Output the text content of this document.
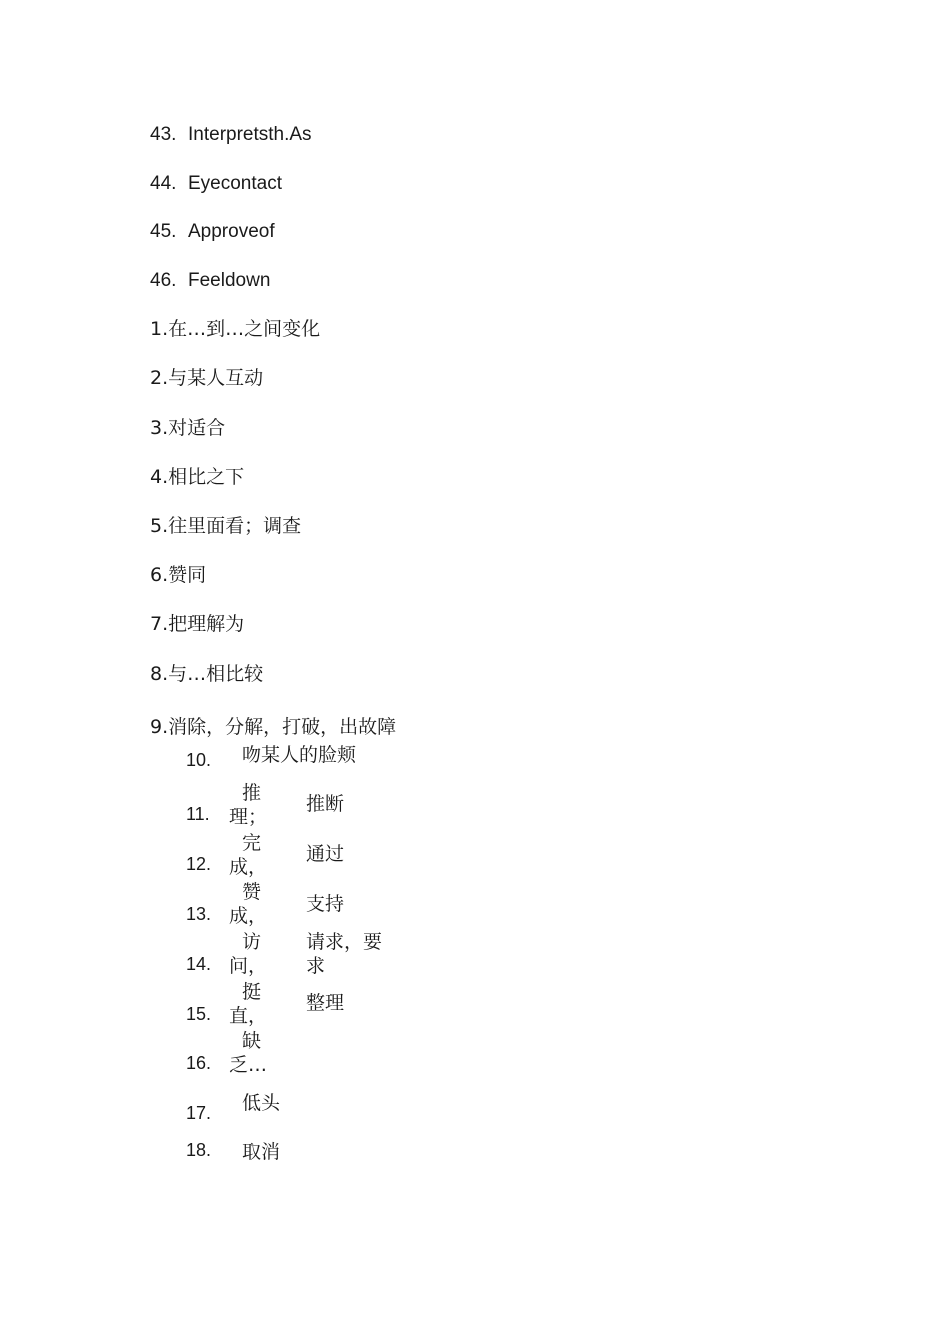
43. Interpretsth.As
44. Eyecontact
45. Approveof
46. Feeldown
1.在…到…之间变化
2.与某人互动
3.对适合
4.相比之下
5.往里面看；调查
6.赞同
7.把理解为
8.与…相比较
9.消除，分解，打破，出故障
10. 吻某人的脸颊
11.
推理；
推断
12.
完成，
通过
13.
赞成，
支持
14.
访问，
请求，要求
15.
挺直，
整理
16.
缺乏…
17. 低头
18. 取消
